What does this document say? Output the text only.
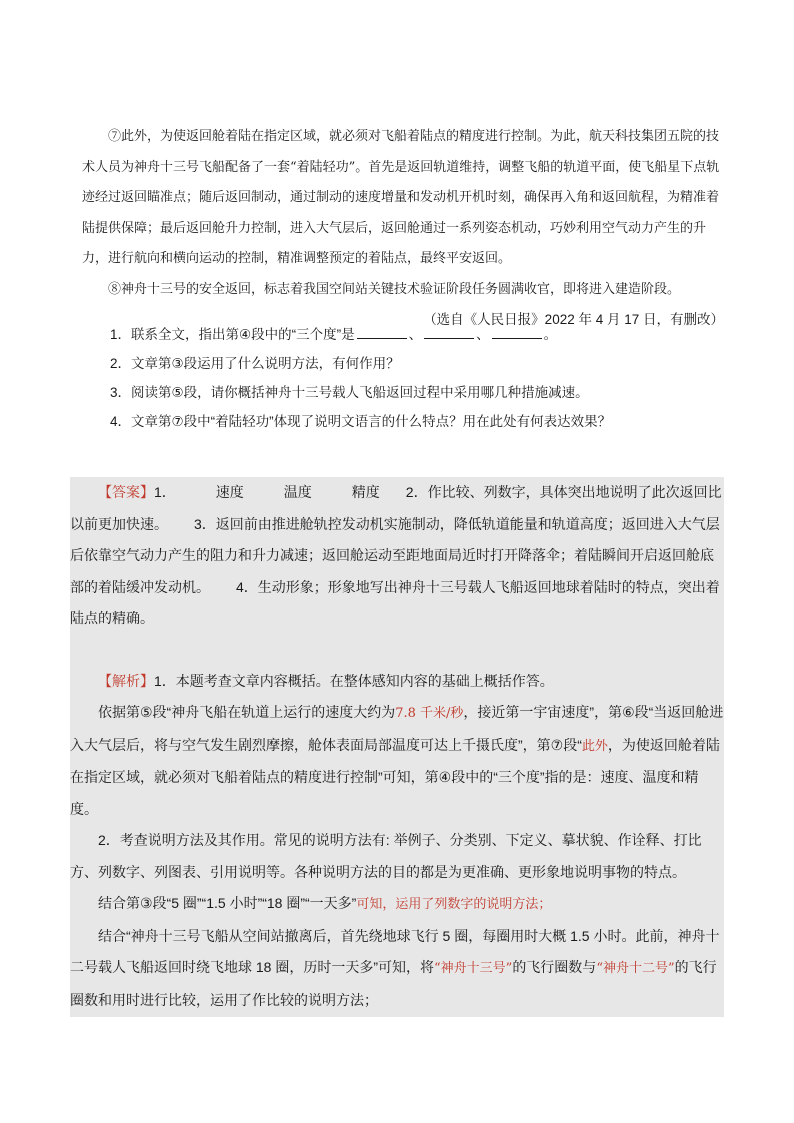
⑦此外，为使返回舱着陆在指定区域，就必须对飞船着陆点的精度进行控制。为此，航天科技集团五院的技术人员为神舟十三号飞船配备了一套“着陆轻功”。首先是返回轨道维持，调整飞船的轨道平面，使飞船星下点轨迹经过返回瞄准点；随后返回制动，通过制动的速度增量和发动机开机时刻，确保再入角和返回航程，为精准着陆提供保障；最后返回舱升力控制，进入大气层后，返回舱通过一系列姿态机动，巧妙利用空气动力产生的升力，进行航向和横向运动的控制，精准调整预定的着陆点，最终平安返回。

⑧神舟十三号的安全返回，标志着我国空间站关键技术验证阶段任务圆满收官，即将进入建造阶段。

（选自《人民日报》2022 年 4 月 17 日，有删改）

1．联系全文，指出第④段中的“三个度”是	、	、	。
2．文章第③段运用了什么说明方法，有何作用？
3．阅读第⑤段，请你概括神舟十三号载人飞船返回过程中采用哪几种措施减速。
4．文章第⑦段中“着陆轻功”体现了说明文语言的什么特点？用在此处有何表达效果？

【答案】1．	速度	温度	精度 2．作比较、列数字，具体突出地说明了此次返回比以前更加快速。 3．返回前由推进舱轨控发动机实施制动，降低轨道能量和轨道高度；返回进入大气层后依靠空气动力产生的阻力和升力减速；返回舱运动至距地面局近时打开降落伞；着陆瞬间开启返回舱底部的着陆缓冲发动机。 4．生动形象；形象地写出神舟十三号载人飞船返回地球着陆时的特点，突出着陆点的精确。

【解析】1．本题考查文章内容概括。在整体感知内容的基础上概括作答。

依据第⑤段“神舟飞船在轨道上运行的速度大约为7.8 千米/秒，接近第一宇宙速度”，第⑥段“当返回舱进入大气层后，将与空气发生剧烈摩擦，舱体表面局部温度可达上千摄氏度”，第⑦段“此外，为使返回舱着陆在指定区域，就必须对飞船着陆点的精度进行控制”可知，第④段中的“三个度”指的是：速度、温度和精度。

2．考查说明方法及其作用。常见的说明方法有: 举例子、分类别、下定义、摹状貌、作诠释、打比方、列数字、列图表、引用说明等。各种说明方法的目的都是为更准确、更形象地说明事物的特点。

结合第③段“5 圈”“1.5 小时”“18 圈”“一天多”可知，运用了列数字的说明方法；

结合“神舟十三号飞船从空间站撤离后，首先绕地球飞行 5 圈，每圈用时大概 1.5 小时。此前，神舟十二号载人飞船返回时绕飞地球 18 圈，历时一天多”可知，将“神舟十三号”的飞行圈数与“神舟十二号”的飞行圈数和用时进行比较，运用了作比较的说明方法；
